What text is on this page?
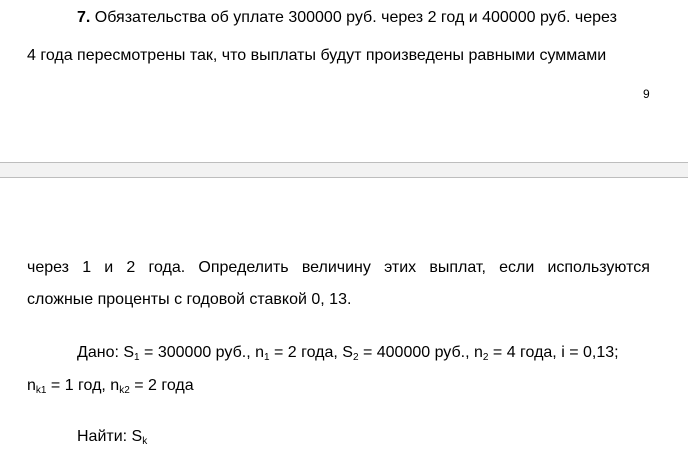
7. Обязательства об уплате 300000 руб. через 2 год и 400000 руб. через
4 года пересмотрены так, что выплаты будут произведены равными суммами
9
через 1 и 2 года. Определить величину этих выплат, если используются
сложные проценты с годовой ставкой 0, 13.
Дано: $S_1 = 300000$ руб., $n_1 = 2$ года, $S_2 = 400000$ руб., $n_2 = 4$ года, i = 0,13;
$n_{k1} = 1$ год, $n_{k2} = 2$ года
Найти: $S_k$
